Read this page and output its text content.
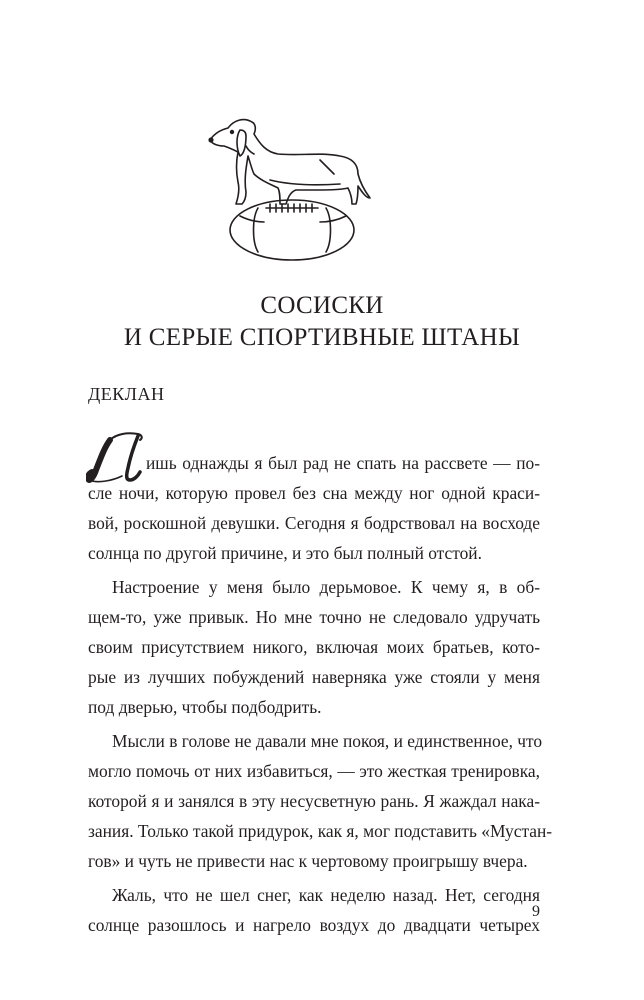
СОСИСКИ
И СЕРЫЕ СПОРТИВНЫЕ ШТАНЫ

ДЕКЛАН

ишь однажды я был рад не спать на рассвете — по-
сле ночи, которую провел без сна между ног одной краси-
вой, роскошной девушки. Сегодня я бодрствовал на восходе
солнца по другой причине, и это был полный отстой.
Настроение у меня было дерьмовое. К чему я, в об-
щем-то, уже привык. Но мне точно не следовало удручать
своим присутствием никого, включая моих братьев, кото-
рые из лучших побуждений наверняка уже стояли у меня
под дверью, чтобы подбодрить.
Мысли в голове не давали мне покоя, и единственное, что
могло помочь от них избавиться, — это жесткая тренировка,
которой я и занялся в эту несусветную рань. Я жаждал нака-
зания. Только такой придурок, как я, мог подставить «Мустан-
гов» и чуть не привести нас к чертовому проигрышу вчера.
Жаль, что не шел снег, как неделю назад. Нет, сегодня
солнце разошлось и нагрело воздух до двадцати четырех
9
